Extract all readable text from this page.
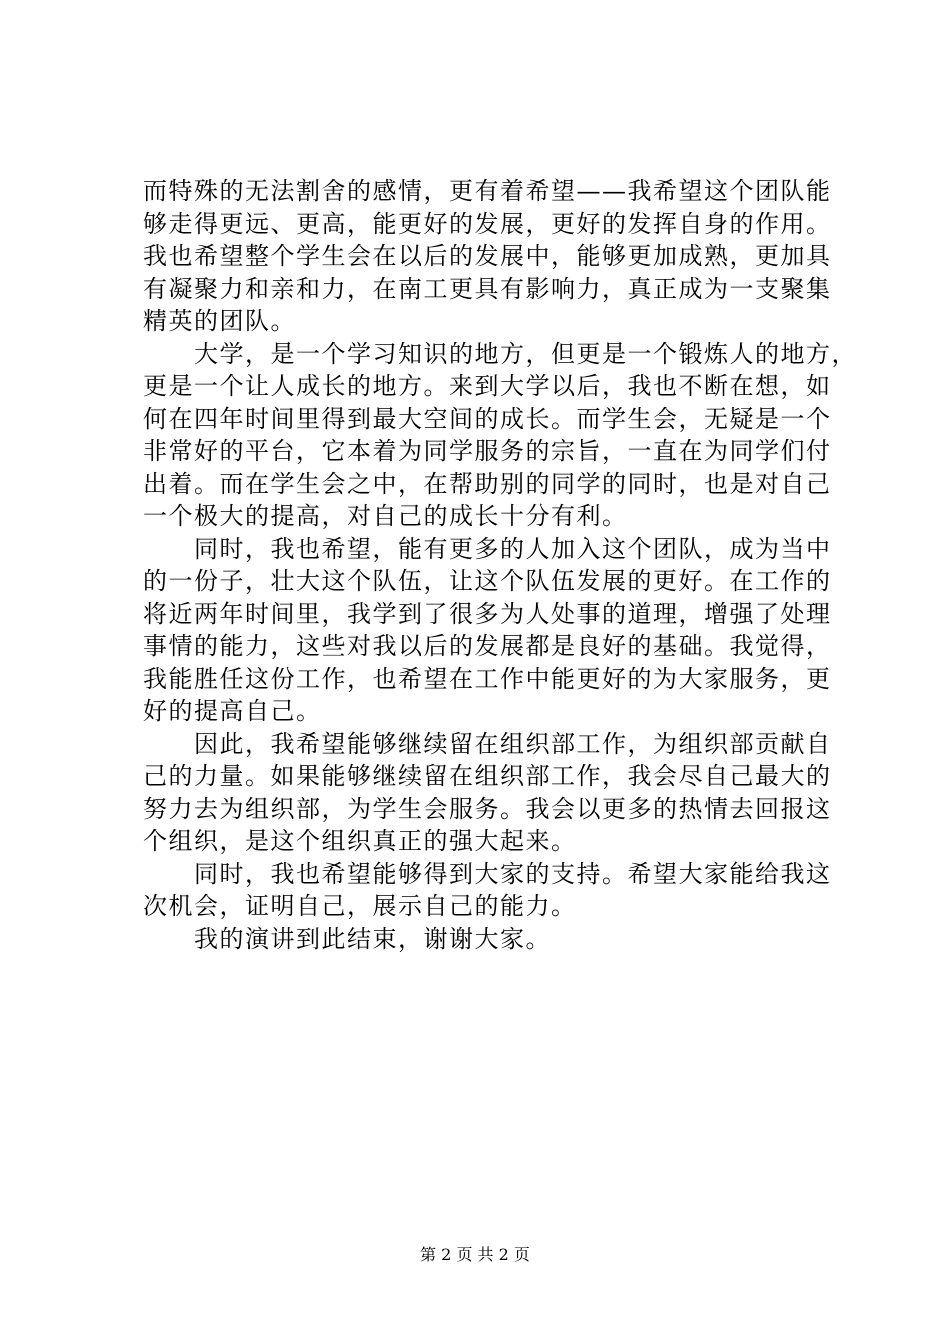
而特殊的无法割舍的感情，更有着希望——我希望这个团队能
够走得更远、更高，能更好的发展，更好的发挥自身的作用。
我也希望整个学生会在以后的发展中，能够更加成熟，更加具
有凝聚力和亲和力，在南工更具有影响力，真正成为一支聚集
精英的团队。
　　大学，是一个学习知识的地方，但更是一个锻炼人的地方，
更是一个让人成长的地方。来到大学以后，我也不断在想，如
何在四年时间里得到最大空间的成长。而学生会，无疑是一个
非常好的平台，它本着为同学服务的宗旨，一直在为同学们付
出着。而在学生会之中，在帮助别的同学的同时，也是对自己
一个极大的提高，对自己的成长十分有利。
　　同时，我也希望，能有更多的人加入这个团队，成为当中
的一份子，壮大这个队伍，让这个队伍发展的更好。在工作的
将近两年时间里，我学到了很多为人处事的道理，增强了处理
事情的能力，这些对我以后的发展都是良好的基础。我觉得，
我能胜任这份工作，也希望在工作中能更好的为大家服务，更
好的提高自己。
　　因此，我希望能够继续留在组织部工作，为组织部贡献自
己的力量。如果能够继续留在组织部工作，我会尽自己最大的
努力去为组织部，为学生会服务。我会以更多的热情去回报这
个组织，是这个组织真正的强大起来。
　　同时，我也希望能够得到大家的支持。希望大家能给我这
次机会，证明自己，展示自己的能力。
　　我的演讲到此结束，谢谢大家。
第 2 页 共 2 页
